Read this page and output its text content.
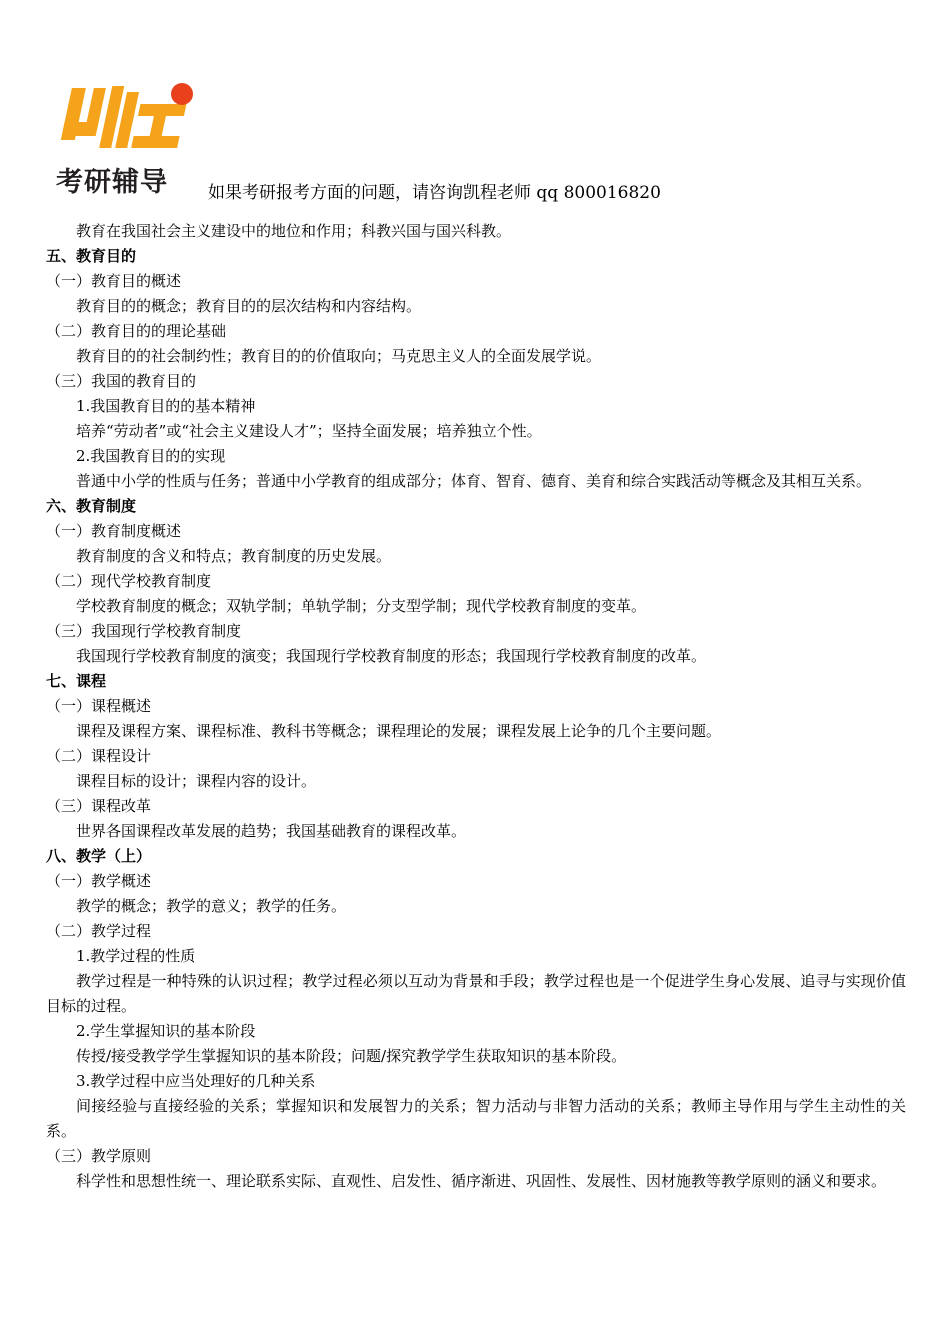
考研辅导 如果考研报考方面的问题，请咨询凯程老师 qq 800016820
教育在我国社会主义建设中的地位和作用；科教兴国与国兴科教。
五、教育目的
（一）教育目的概述
教育目的的概念；教育目的的层次结构和内容结构。
（二）教育目的的理论基础
教育目的的社会制约性；教育目的的价值取向；马克思主义人的全面发展学说。
（三）我国的教育目的
1.我国教育目的的基本精神
培养“劳动者”或“社会主义建设人才”；坚持全面发展；培养独立个性。
2.我国教育目的的实现
普通中小学的性质与任务；普通中小学教育的组成部分；体育、智育、德育、美育和综合实践活动等概念及其相互关系。
六、教育制度
（一）教育制度概述
教育制度的含义和特点；教育制度的历史发展。
（二）现代学校教育制度
学校教育制度的概念；双轨学制；单轨学制；分支型学制；现代学校教育制度的变革。
（三）我国现行学校教育制度
我国现行学校教育制度的演变；我国现行学校教育制度的形态；我国现行学校教育制度的改革。
七、课程
（一）课程概述
课程及课程方案、课程标准、教科书等概念；课程理论的发展；课程发展上论争的几个主要问题。
（二）课程设计
课程目标的设计；课程内容的设计。
（三）课程改革
世界各国课程改革发展的趋势；我国基础教育的课程改革。
八、教学（上）
（一）教学概述
教学的概念；教学的意义；教学的任务。
（二）教学过程
1.教学过程的性质
教学过程是一种特殊的认识过程；教学过程必须以互动为背景和手段；教学过程也是一个促进学生身心发展、追寻与实现价值目标的过程。
2.学生掌握知识的基本阶段
传授/接受教学学生掌握知识的基本阶段；问题/探究教学学生获取知识的基本阶段。
3.教学过程中应当处理好的几种关系
间接经验与直接经验的关系；掌握知识和发展智力的关系；智力活动与非智力活动的关系；教师主导作用与学生主动性的关系。
（三）教学原则
科学性和思想性统一、理论联系实际、直观性、启发性、循序渐进、巩固性、发展性、因材施教等教学原则的涵义和要求。
